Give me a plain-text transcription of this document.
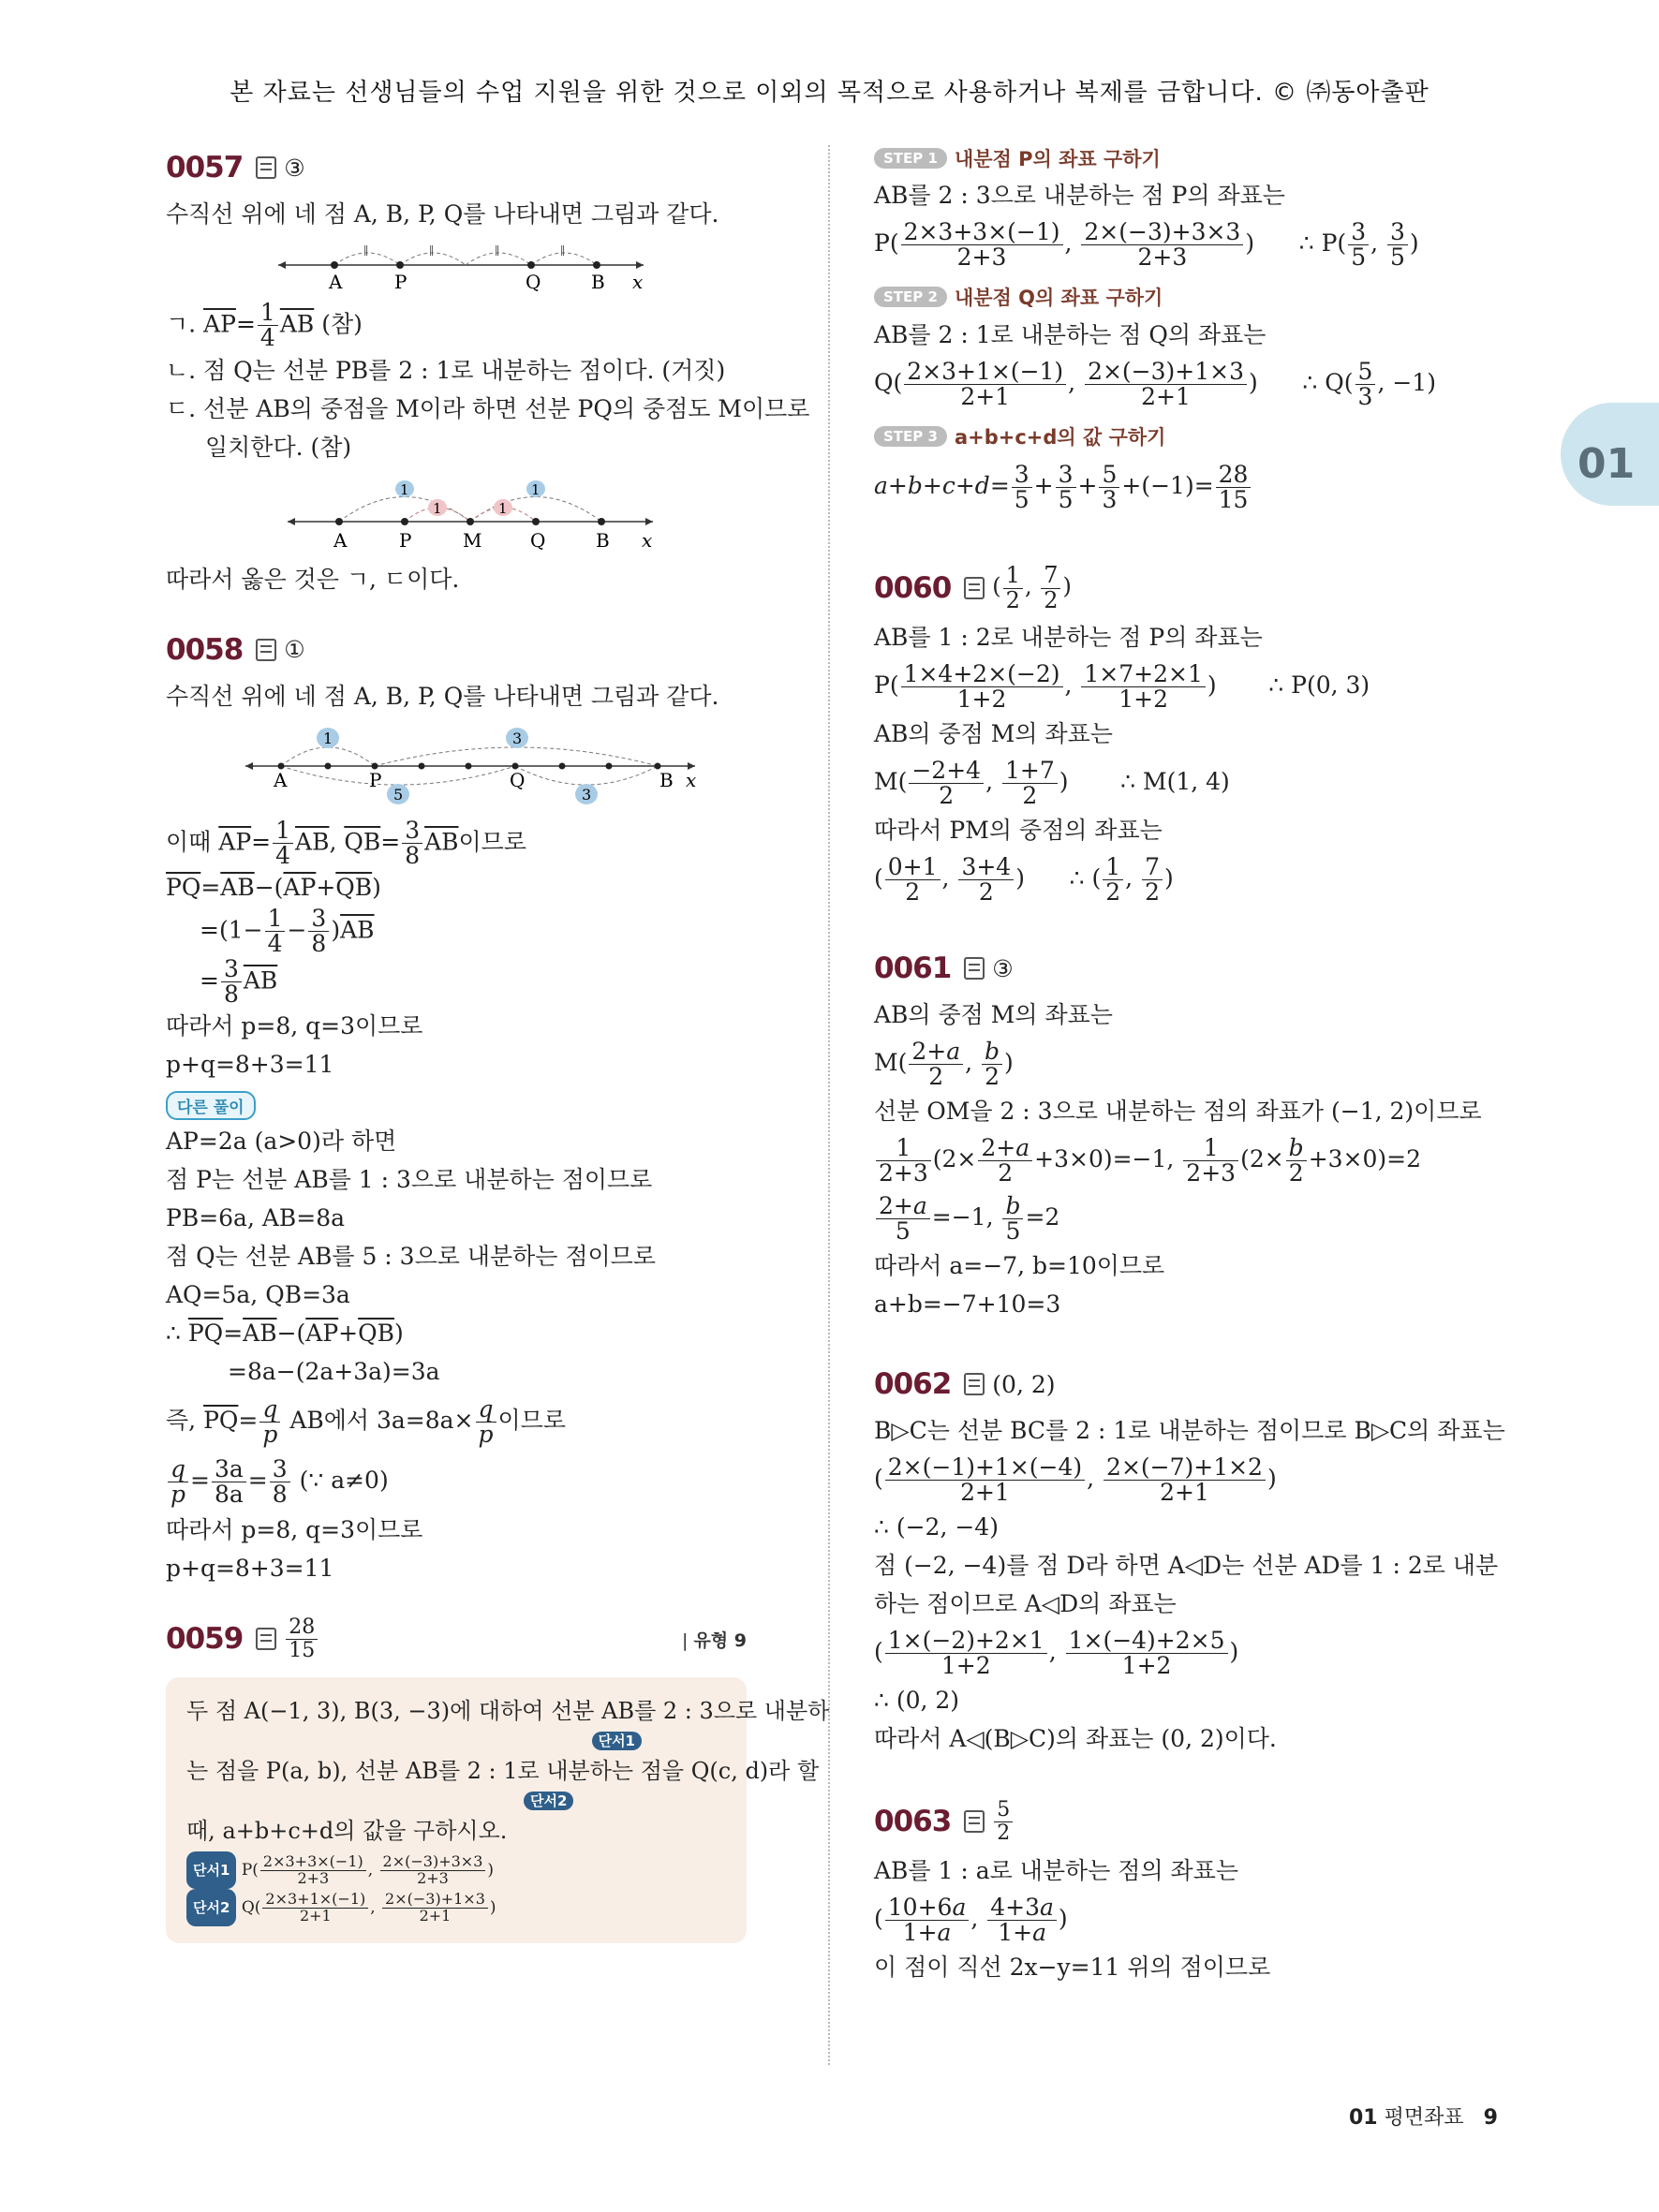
본 자료는 선생님들의 수업 지원을 위한 것으로 이외의 목적으로 사용하거나 복제를 금합니다. © ㈜동아출판
01
0057 ③
수직선 위에 네 점 A, B, P, Q를 나타내면 그림과 같다.
∥	∥	∥	∥
A	P	Q	B x
ㄱ. $\overline{AP}= \frac{1}{4} \overline{AB}$ (참)
ㄴ. 점 Q는 선분 PB를 2 : 1로 내분하는 점이다. (거짓)
ㄷ. 선분 AB의 중점을 M이라 하면 선분 PQ의 중점도 M이므로
일치한다. (참)
1	1
1	1
A	P	M	Q	B x
따라서 옳은 것은 ㄱ, ㄷ이다.
0058 ①
수직선 위에 네 점 A, B, P, Q를 나타내면 그림과 같다.
1	3
5	3
A	P	Q	B x
이때 $\overline{AP}= \frac{1}{4} \overline{AB}$, $\overline{QB}= \frac{3}{8} \overline{AB}$이므로
$\overline{PQ}=\overline{AB}-(\overline{AP}+\overline{QB})$
$=(1- \frac{1}{4} - \frac{3}{8} )\overline{AB}$
= $\frac{3}{8} \overline{AB}$
따라서 p=8, q=3이므로
p+q=8+3=11
다른 풀이
AP=2a (a>0)라 하면
점 P는 선분 AB를 1 : 3으로 내분하는 점이므로
PB=6a, AB=8a
점 Q는 선분 AB를 5 : 3으로 내분하는 점이므로
AQ=5a, QB=3a
∴ $\overline{PQ}=\overline{AB}-(\overline{AP}+\overline{QB})$
=8a−(2a+3a)=3a
즉, $\overline{PQ}= \frac{q}{p}$ AB에서 $3a=8a\times \frac{q}{p}$ 이므로
$\frac{q}{p} = \frac{3a}{8a} = \frac{3}{8}$ (∵ a≠0)
따라서 p=8, q=3이므로
p+q=8+3=11
$0059 \frac{28}{15}$	| 유형 9
두 점 A(−1, 3), B(3, −3)에 대하여 선분 AB를 2 : 3으로 내분하
단서1
는 점을 P(a, b), 선분 AB를 2 : 1로 내분하는 점을 Q(c, d)라 할
단서2
때, a+b+c+d의 값을 구하시오.
단서1 $P( \frac{2\times 3+3\times(-1)}{2+3}$ , $\frac{2\times(-3)+3\times 3}{2+3}$ )
단서2 $Q( \frac{2\times 3+1\times(-1)}{2+1}$ , $\frac{2\times(-3)+1\times 3}{2+1}$ )
STEP 1 내분점 P의 좌표 구하기
AB를 2 : 3으로 내분하는 점 P의 좌표는
$P( \frac{2\times 3+3\times(-1)}{2+3}$ , $\frac{2\times(-3)+3\times 3}{2+3}$ )      ∴ $P( \frac{3}{5}$ , $\frac{3}{5}$ )
STEP 2 내분점 Q의 좌표 구하기
AB를 2 : 1로 내분하는 점 Q의 좌표는
$Q( \frac{2\times 3+1\times(-1)}{2+1}$ , $\frac{2\times(-3)+1\times 3}{2+1}$ )      ∴ $Q( \frac{5}{3}$ , −1)
STEP 3 a+b+c+d의 값 구하기
$a+b+c+d= \frac{3}{5} + \frac{3}{5} + \frac{5}{3} +(-1)= \frac{28}{15}$
0060 ( $\frac{1}{2}$ , $\frac{7}{2}$ )
AB를 1 : 2로 내분하는 점 P의 좌표는
$P( \frac{1\times 4+2\times(-2)}{1+2}$ , $\frac{1\times 7+2\times 1}{1+2}$ )       ∴ P(0, 3)
AB의 중점 M의 좌표는
$M( \frac{-2+4}{2}$ , $\frac{1+7}{2}$ )       ∴ M(1, 4)
따라서 PM의 중점의 좌표는
( $\frac{0+1}{2}$ , $\frac{3+4}{2}$ )      ∴ ( $\frac{1}{2}$ , $\frac{7}{2}$ )
0061 ③
AB의 중점 M의 좌표는
$M( \frac{2+a}{2}$ , $\frac{b}{2}$ )
선분 OM을 2 : 3으로 내분하는 점의 좌표가 (−1, 2)이므로
$\frac{1}{2+3} (2\times \frac{2+a}{2} +3\times 0)=-1$, $\frac{1}{2+3} (2\times \frac{b}{2} +3\times 0)=2$
$\frac{2+a}{5} =-1$, $\frac{b}{5} =2$
따라서 a=−7, b=10이므로
a+b=−7+10=3
0062 (0, 2)
B▷C는 선분 BC를 2 : 1로 내분하는 점이므로 B▷C의 좌표는
( $\frac{2\times(-1)+1\times(-4)}{2+1}$ , $\frac{2\times(-7)+1\times 2}{2+1}$ )
∴ (−2, −4)
점 (−2, −4)를 점 D라 하면 A◁D는 선분 AD를 1 : 2로 내분
하는 점이므로 A◁D의 좌표는
( $\frac{1\times(-2)+2\times 1}{1+2}$ , $\frac{1\times(-4)+2\times 5}{1+2}$ )
∴ (0, 2)
따라서 A◁(B▷C)의 좌표는 (0, 2)이다.
$0063 \frac{5}{2}$
AB를 1 : a로 내분하는 점의 좌표는
( $\frac{10+6a}{1+a}$ , $\frac{4+3a}{1+a}$ )
이 점이 직선 2x−y=11 위의 점이므로
01 평면좌표 9
